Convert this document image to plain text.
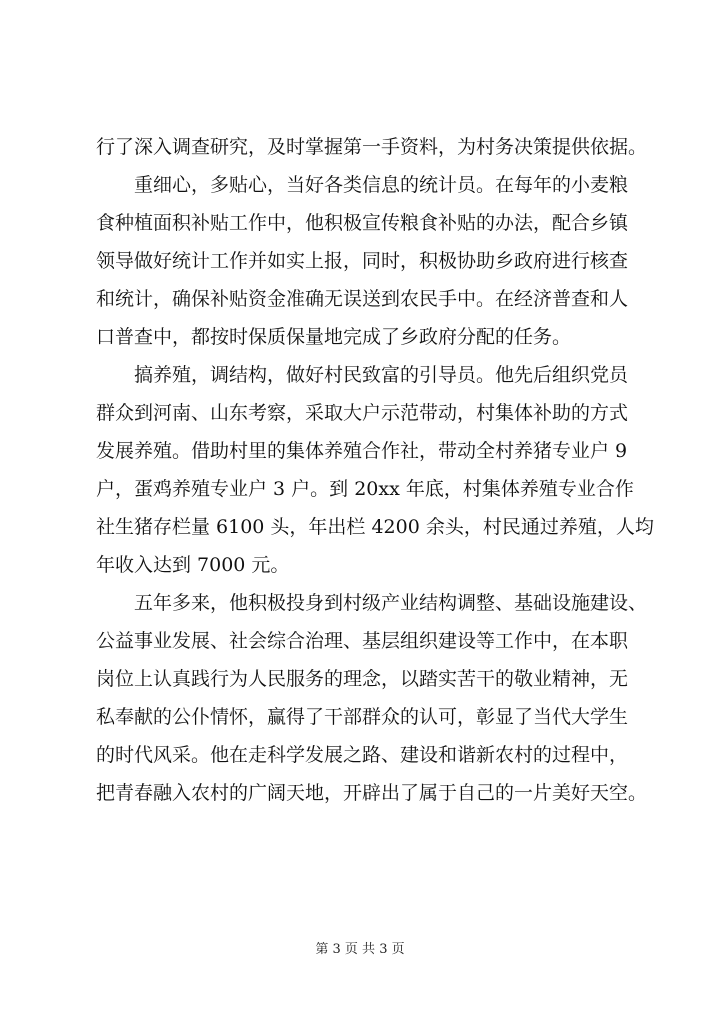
行了深入调查研究，及时掌握第一手资料，为村务决策提供依据。
重细心，多贴心，当好各类信息的统计员。在每年的小麦粮
食种植面积补贴工作中，他积极宣传粮食补贴的办法，配合乡镇
领导做好统计工作并如实上报，同时，积极协助乡政府进行核查
和统计，确保补贴资金准确无误送到农民手中。在经济普查和人
口普查中，都按时保质保量地完成了乡政府分配的任务。
搞养殖，调结构，做好村民致富的引导员。他先后组织党员
群众到河南、山东考察，采取大户示范带动，村集体补助的方式
发展养殖。借助村里的集体养殖合作社，带动全村养猪专业户 9
户，蛋鸡养殖专业户 3 户。到 20xx 年底，村集体养殖专业合作
社生猪存栏量 6100 头，年出栏 4200 余头，村民通过养殖，人均
年收入达到 7000 元。
五年多来，他积极投身到村级产业结构调整、基础设施建设、
公益事业发展、社会综合治理、基层组织建设等工作中，在本职
岗位上认真践行为人民服务的理念，以踏实苦干的敬业精神，无
私奉献的公仆情怀，赢得了干部群众的认可，彰显了当代大学生
的时代风采。他在走科学发展之路、建设和谐新农村的过程中，
把青春融入农村的广阔天地，开辟出了属于自己的一片美好天空。
第 3 页 共 3 页
